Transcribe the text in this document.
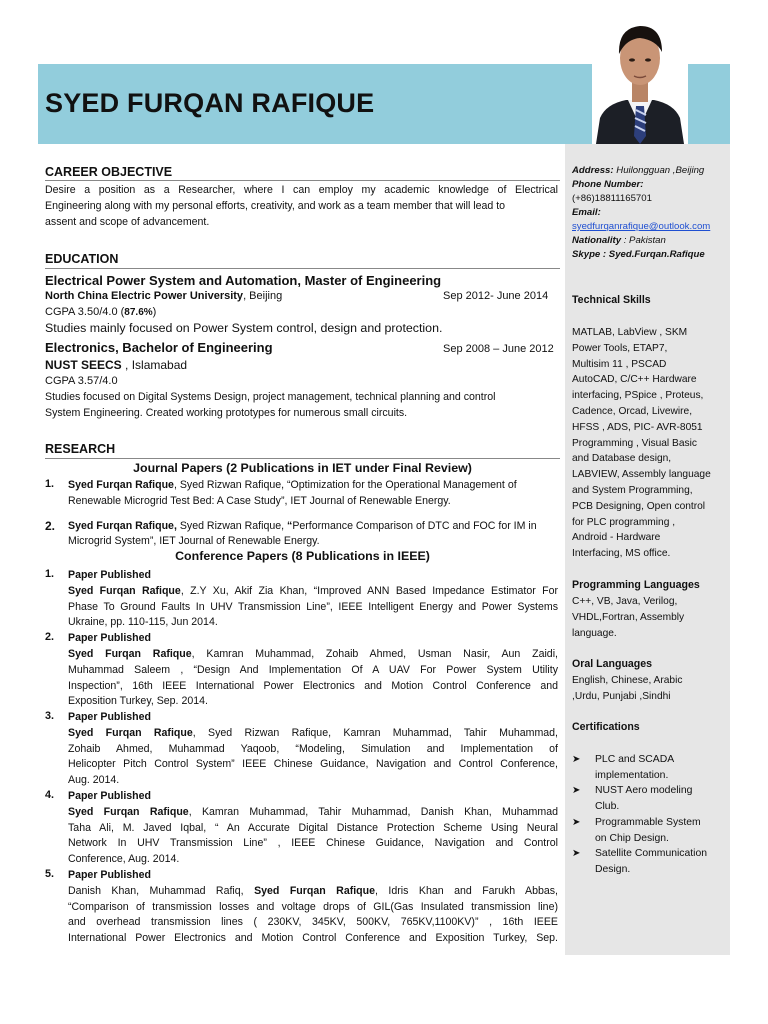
SYED FURQAN RAFIQUE
CAREER OBJECTIVE
Desire a position as a Researcher, where I can employ my academic knowledge of Electrical
Engineering along with my personal efforts, creativity, and work as a team member that will lead to
assent and scope of advancement.
EDUCATION
Electrical Power System and Automation, Master of Engineering
North China Electric Power University, Beijing	Sep 2012- June 2014
CGPA 3.50/4.0 (87.6%)
Studies mainly focused on Power System control, design and protection.
Electronics, Bachelor of Engineering	Sep 2008 – June 2012
NUST SEECS , Islamabad
CGPA 3.57/4.0
Studies focused on Digital Systems Design, project management, technical planning and control
System Engineering. Created working prototypes for numerous small circuits.
RESEARCH
Journal Papers (2 Publications in IET under Final Review)
1. Syed Furqan Rafique, Syed Rizwan Rafique, “Optimization for the Operational Management of
Renewable Microgrid Test Bed: A Case Study”, IET Journal of Renewable Energy.
2. Syed Furqan Rafique, Syed Rizwan Rafique, “Performance Comparison of DTC and FOC for IM in
Microgrid System”, IET Journal of Renewable Energy.
Conference Papers (8 Publications in IEEE)
1. Paper Published
Syed Furqan Rafique, Z.Y Xu, Akif Zia Khan, “Improved ANN Based Impedance Estimator For
Phase To Ground Faults In UHV Transmission Line”, IEEE Intelligent Energy and Power Systems
Ukraine, pp. 110-115, Jun 2014.
2. Paper Published
Syed Furqan Rafique, Kamran Muhammad, Zohaib Ahmed, Usman Nasir, Aun Zaidi,
Muhammad Saleem , “Design And Implementation Of A UAV For Power System Utility
Inspection”, 16th IEEE International Power Electronics and Motion Control Conference and
Exposition Turkey, Sep. 2014.
3. Paper Published
Syed Furqan Rafique, Syed Rizwan Rafique, Kamran Muhammad, Tahir Muhammad,
Zohaib Ahmed, Muhammad Yaqoob, “Modeling, Simulation and Implementation of
Helicopter Pitch Control System” IEEE Chinese Guidance, Navigation and Control Conference,
Aug. 2014.
4. Paper Published
Syed Furqan Rafique, Kamran Muhammad, Tahir Muhammad, Danish Khan, Muhammad
Taha Ali, M. Javed Iqbal, “ An Accurate Digital Distance Protection Scheme Using Neural
Network In UHV Transmission Line” , IEEE Chinese Guidance, Navigation and Control
Conference, Aug. 2014.
5. Paper Published
Danish Khan, Muhammad Rafiq, Syed Furqan Rafique, Idris Khan and Farukh Abbas,
“Comparison of transmission losses and voltage drops of GIL(Gas Insulated transmission line)
and overhead transmission lines ( 230KV, 345KV, 500KV, 765KV,1100KV)” , 16th IEEE
International Power Electronics and Motion Control Conference and Exposition Turkey, Sep.
Address: Huilongguan ,Beijing
Phone Number:
(+86)18811165701
Email:
syedfurqanrafique@outlook.com
Nationality : Pakistan
Skype : Syed.Furqan.Rafique
Technical Skills
MATLAB, LabView , SKM
Power Tools, ETAP7,
Multisim 11 , PSCAD
AutoCAD, C/C++ Hardware
interfacing, PSpice , Proteus,
Cadence, Orcad, Livewire,
HFSS , ADS, PIC- AVR-8051
Programming , Visual Basic
and Database design,
LABVIEW, Assembly language
and System Programming,
PCB Designing, Open control
for PLC programming ,
Android - Hardware
Interfacing, MS office.
Programming Languages
C++, VB, Java, Verilog,
VHDL,Fortran, Assembly
language.
Oral Languages
English, Chinese, Arabic
,Urdu, Punjabi ,Sindhi
Certifications
➤ PLC and SCADA
implementation.
➤ NUST Aero modeling
Club.
➤ Programmable System
on Chip Design.
➤ Satellite Communication
Design.
